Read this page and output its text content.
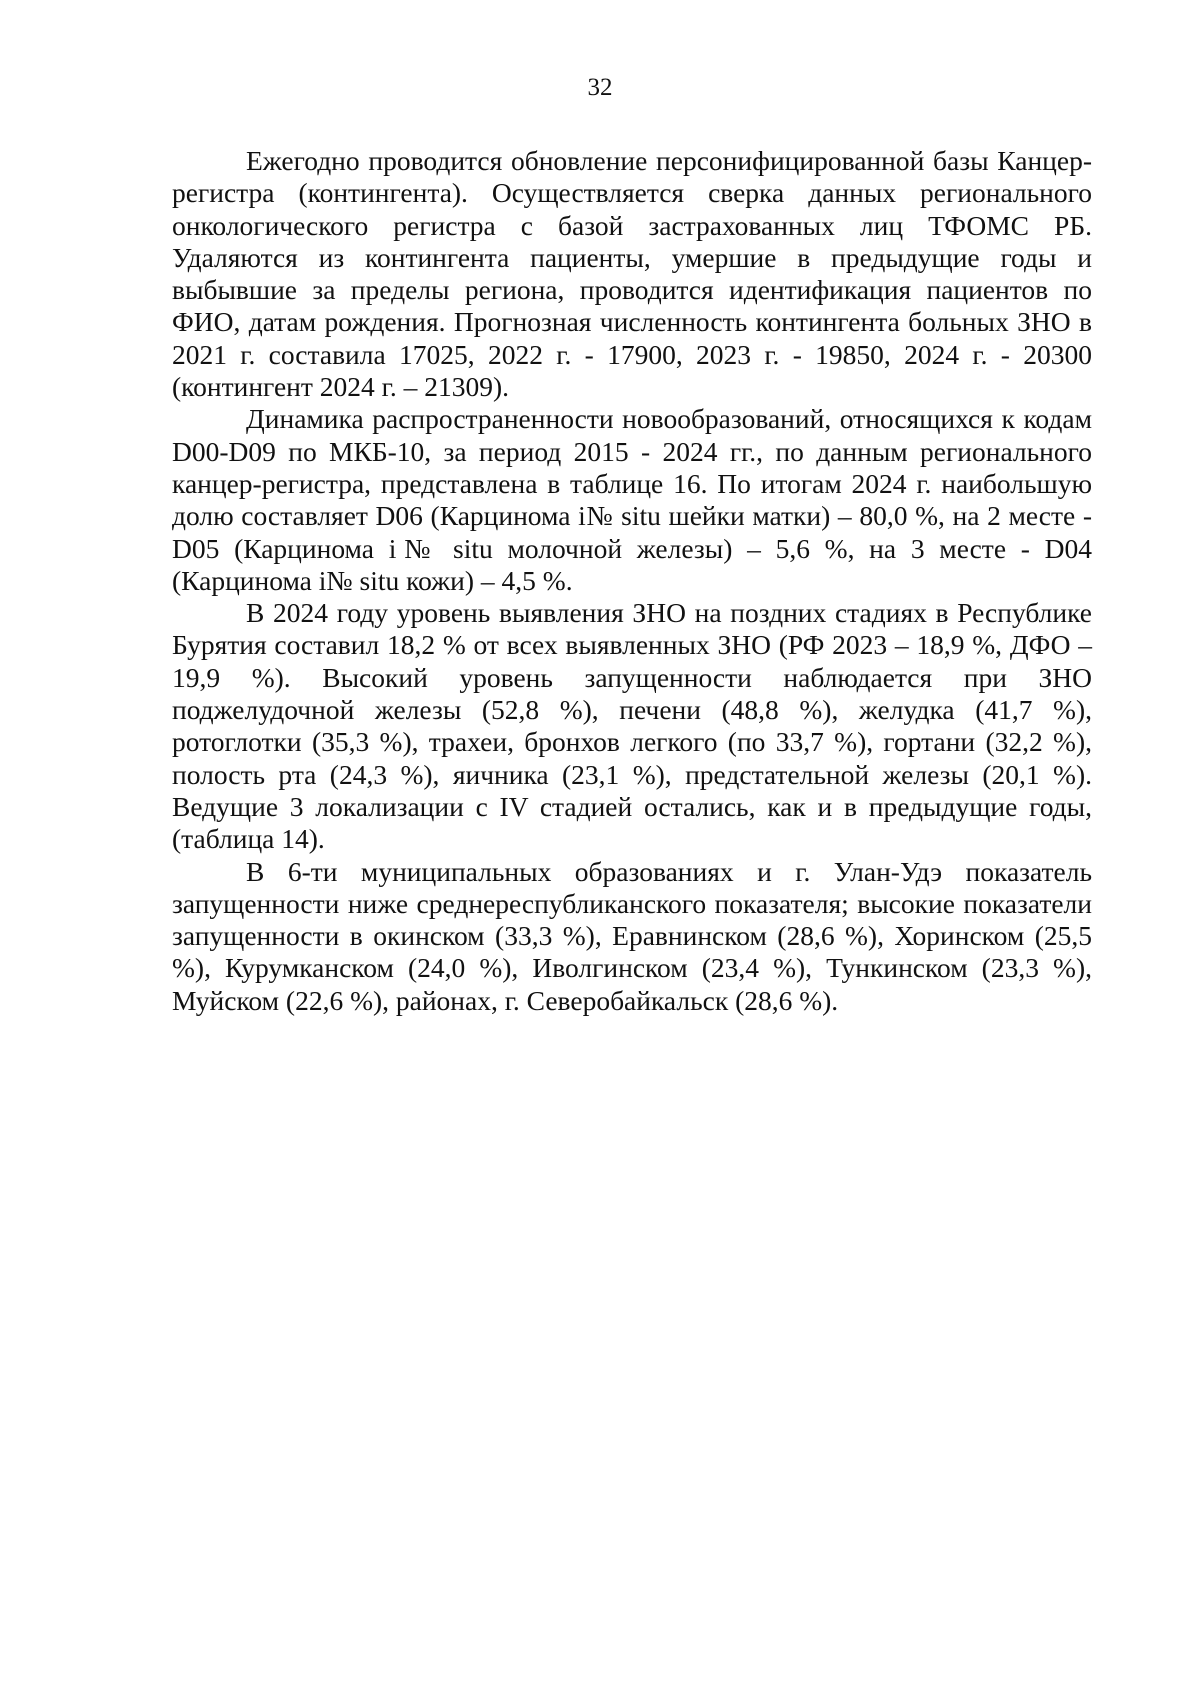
32

Ежегодно проводится обновление персонифицированной базы Канцер-регистра (контингента). Осуществляется сверка данных регионального онкологического регистра с базой застрахованных лиц ТФОМС РБ. Удаляются из контингента пациенты, умершие в предыдущие годы и выбывшие за пределы региона, проводится идентификация пациентов по ФИО, датам рождения. Прогнозная численность контингента больных ЗНО в 2021 г. составила 17025, 2022 г. - 17900, 2023 г. - 19850, 2024 г. - 20300 (контингент 2024 г. – 21309).

Динамика распространенности новообразований, относящихся к кодам D00-D09 по МКБ-10, за период 2015 - 2024 гг., по данным регионального канцер-регистра, представлена в таблице 16. По итогам 2024 г. наибольшую долю составляет D06 (Карцинома i№ situ шейки матки) – 80,0 %, на 2 месте - D05 (Карцинома i№ situ молочной железы) – 5,6 %, на 3 месте - D04 (Карцинома i№ situ кожи) – 4,5 %.

В 2024 году уровень выявления ЗНО на поздних стадиях в Республике Бурятия составил 18,2 % от всех выявленных ЗНО (РФ 2023 – 18,9 %, ДФО – 19,9 %). Высокий уровень запущенности наблюдается при ЗНО поджелудочной железы (52,8 %), печени (48,8 %), желудка (41,7 %), ротоглотки (35,3 %), трахеи, бронхов легкого (по 33,7 %), гортани (32,2 %), полость рта (24,3 %), яичника (23,1 %), предстательной железы (20,1 %). Ведущие 3 локализации с IV стадией остались, как и в предыдущие годы, (таблица 14).

В 6-ти муниципальных образованиях и г. Улан-Удэ показатель запущенности ниже среднереспубликанского показателя; высокие показатели запущенности в окинском (33,3 %), Еравнинском (28,6 %), Хоринском (25,5 %), Курумканском (24,0 %), Иволгинском (23,4 %), Тункинском (23,3 %), Муйском (22,6 %), районах, г. Северобайкальск (28,6 %).
